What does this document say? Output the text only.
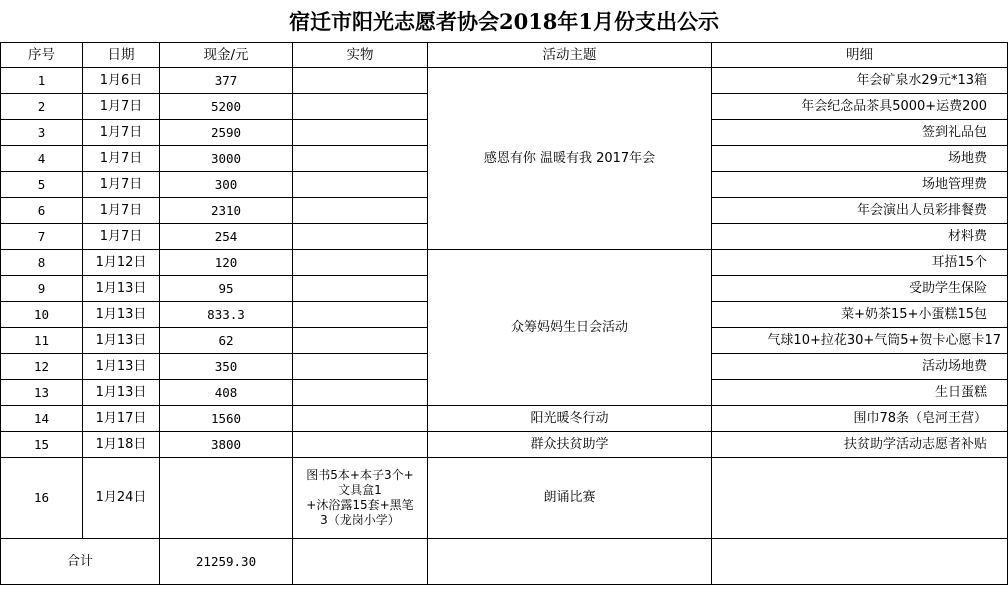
宿迁市阳光志愿者协会2018年1月份支出公示
序号	日期	现金/元	实物	活动主题	明细
1	1月6日	377		感恩有你 温暖有我 2017年会	年会矿泉水29元*13箱
2	1月7日	5200			年会纪念品茶具5000+运费200
3	1月7日	2590			签到礼品包
4	1月7日	3000			场地费
5	1月7日	300			场地管理费
6	1月7日	2310			年会演出人员彩排餐费
7	1月7日	254			材料费
8	1月12日	120		众筹妈妈生日会活动	耳捂15个
9	1月13日	95			受助学生保险
10	1月13日	833.3			菜+奶茶15+小蛋糕15包
11	1月13日	62			气球10+拉花30+气筒5+贺卡心愿卡17
12	1月13日	350			活动场地费
13	1月13日	408			生日蛋糕
14	1月17日	1560		阳光暖冬行动	围巾78条（皂河王营）
15	1月18日	3800		群众扶贫助学	扶贫助学活动志愿者补贴
16	1月24日		图书5本+本子3个+
文具盒1
+沐浴露15套+黑笔
3（龙岗小学）	朗诵比赛	
合计		21259.30			
